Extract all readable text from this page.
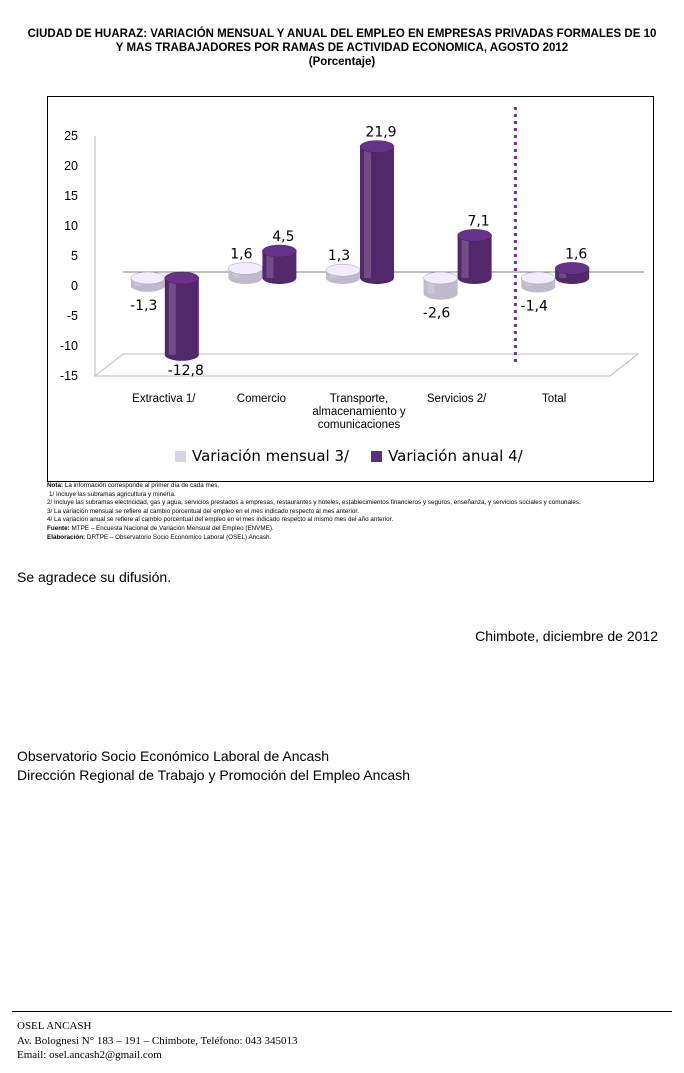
CIUDAD DE HUARAZ: VARIACIÓN MENSUAL Y ANUAL DEL EMPLEO EN EMPRESAS PRIVADAS FORMALES DE 10
Y MAS TRABAJADORES POR RAMAS DE ACTIVIDAD ECONOMICA, AGOSTO 2012
(Porcentaje)
25
20
15
10
5
0
-5
-10
-15
-1,3
-12,8
Extractiva 1/
1,6
4,5
Comercio
1,3
21,9
Transporte,
almacenamiento y
comunicaciones
-2,6
7,1
Servicios 2/
-1,4
1,6
Total
Variación mensual 3/	Variación anual 4/
Nota: La información corresponde al primer día de cada mes.
1/ Incluye las subramas agricultura y minería.
2/ Incluye las subramas electricidad, gas y agua, servicios prestados a empresas, restaurantes y hoteles, establecimientos financieros y seguros, enseñanza, y servicios sociales y comunales.
3/ La variación mensual se refiere al cambio porcentual del empleo en el mes indicado respecto al mes anterior.
4/ La variación anual se refiere al cambio porcentual del empleo en el mes indicado respecto al mismo mes del año anterior.
Fuente: MTPE – Encuesta Nacional de Variación Mensual del Empleo (ENVME).
Elaboración: DRTPE – Observatorio Socio Económico Laboral (OSEL) Ancash.
Se agradece su difusión.
Chimbote, diciembre de 2012
Observatorio Socio Económico Laboral de Ancash
Dirección Regional de Trabajo y Promoción del Empleo Ancash
OSEL ANCASH
Av. Bolognesi N° 183 – 191 – Chimbote, Teléfono: 043 345013
Email: osel.ancash2@gmail.com
